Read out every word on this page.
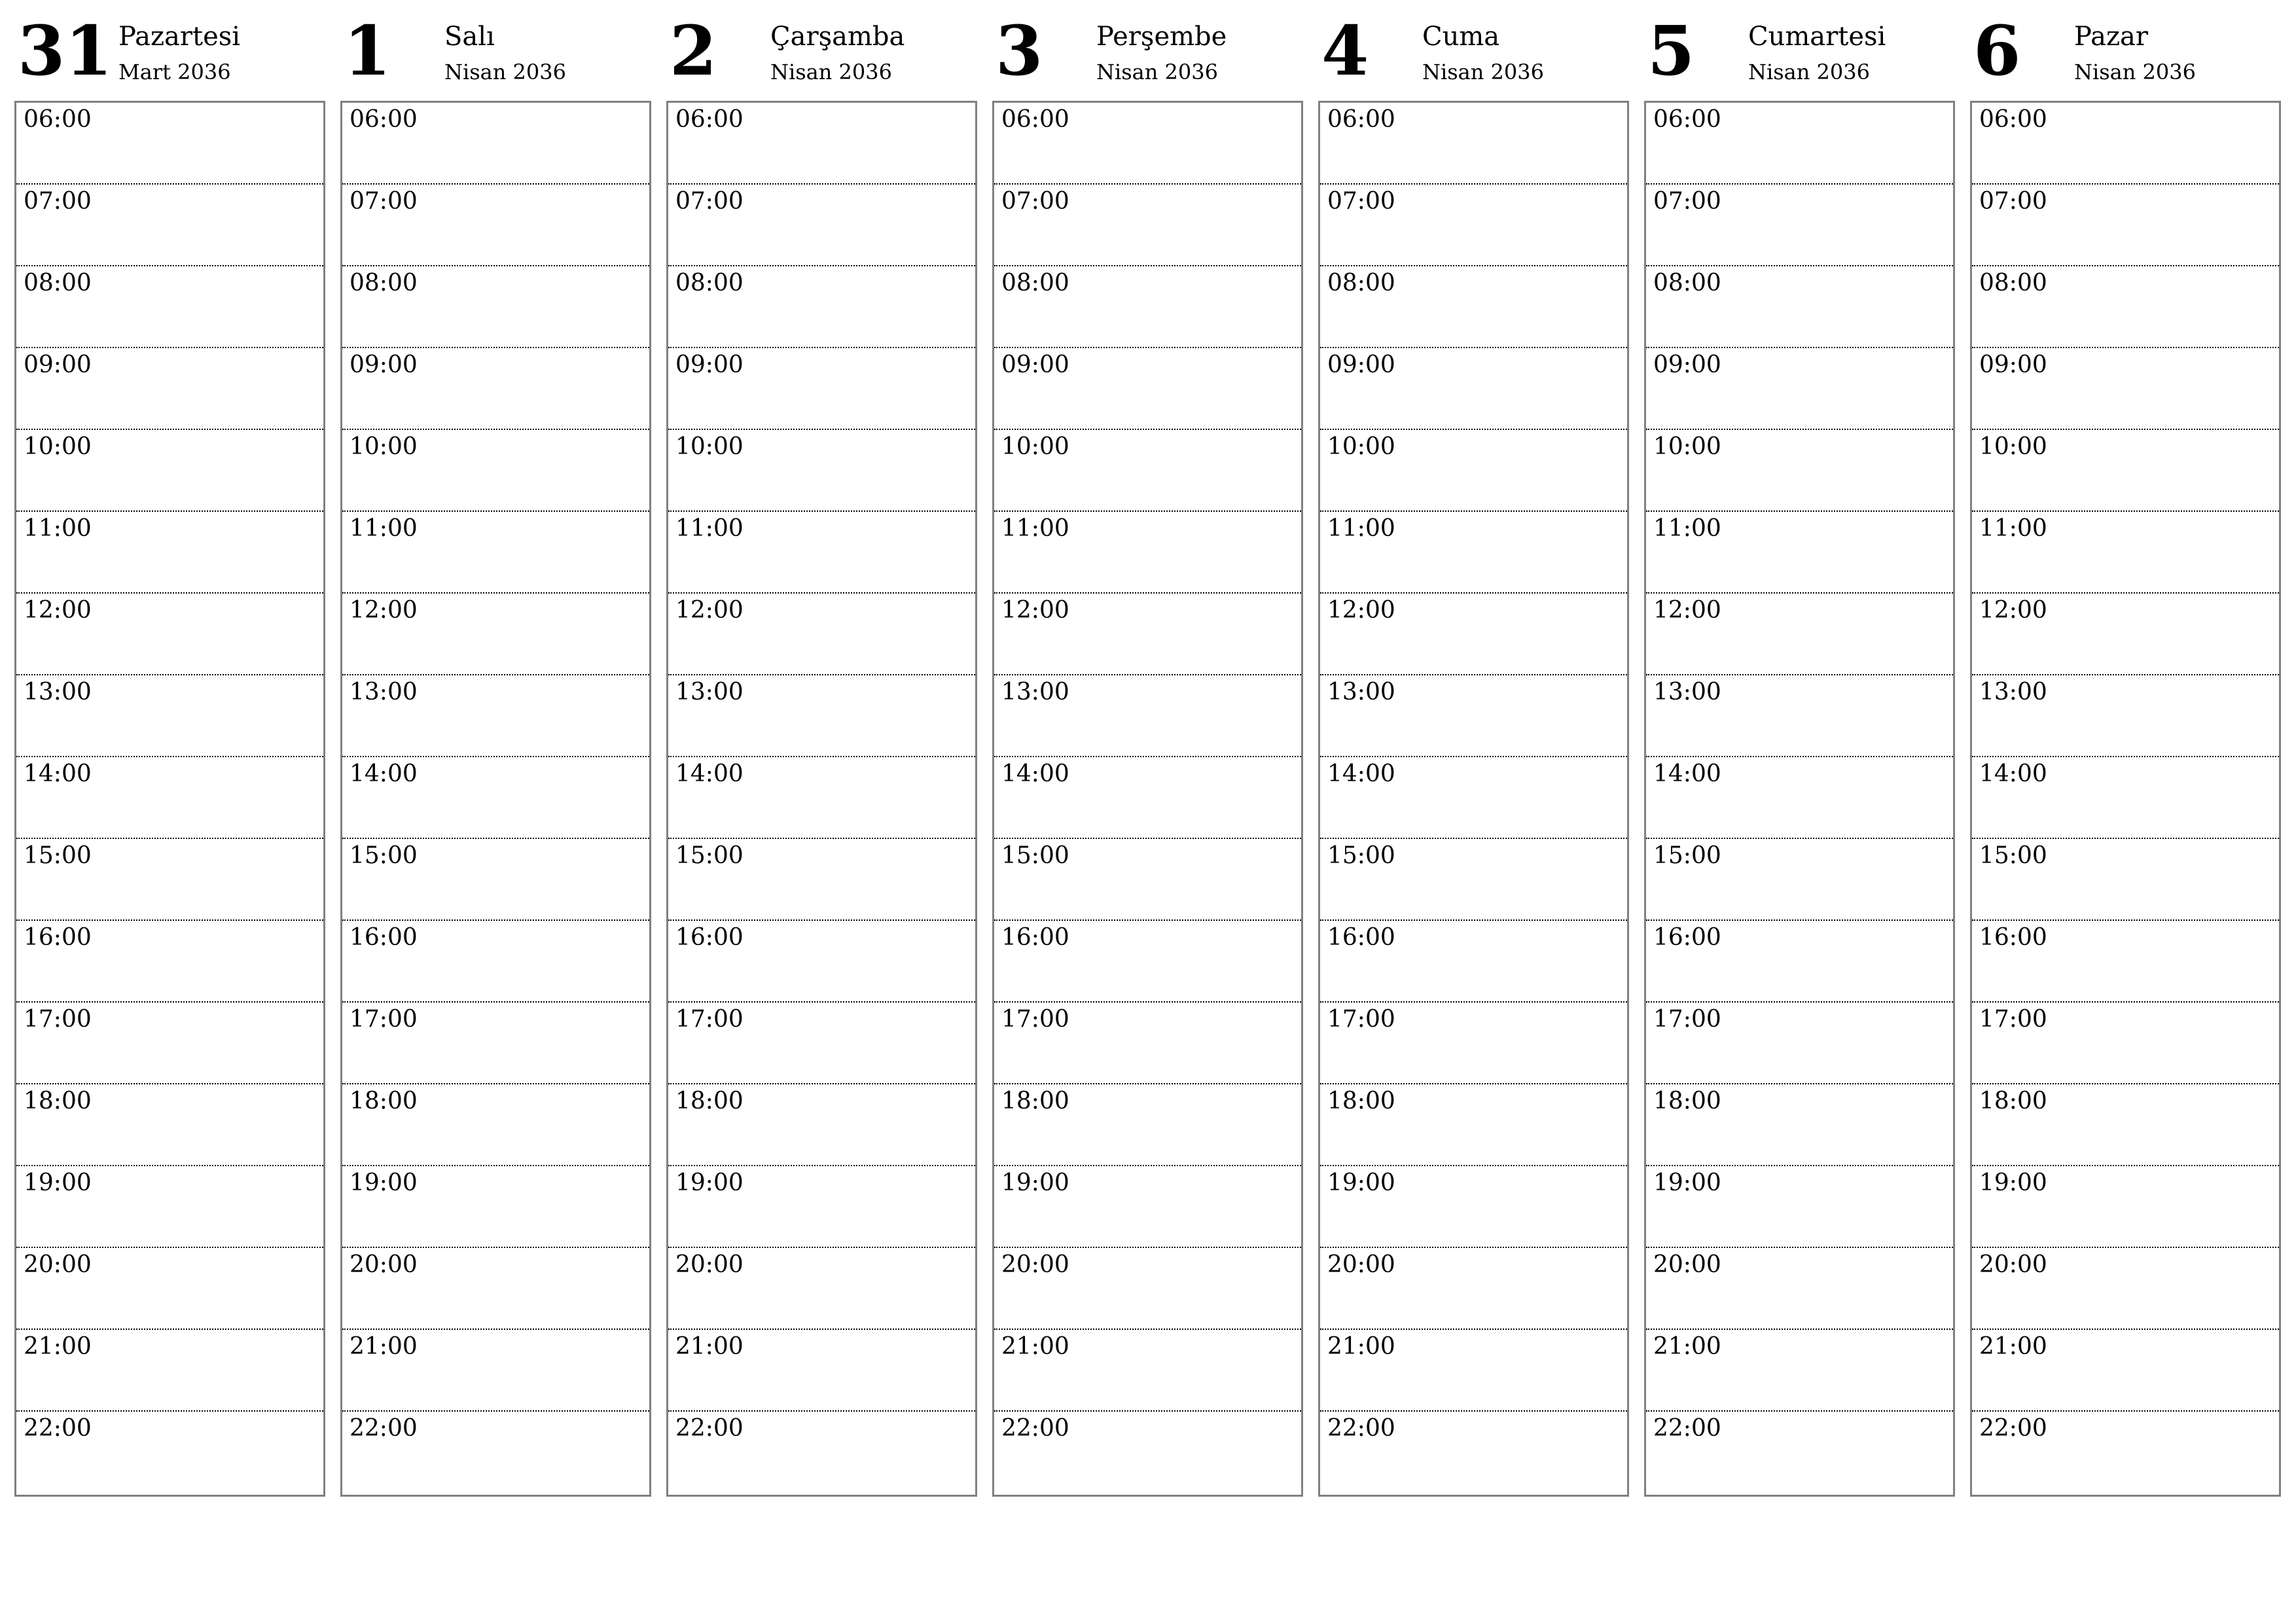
31 Pazartesi
Mart 2036
06:00
07:00
08:00
09:00
10:00
11:00
12:00
13:00
14:00
15:00
16:00
17:00
18:00
19:00
20:00
21:00
22:00
1 Salı
Nisan 2036
06:00
07:00
08:00
09:00
10:00
11:00
12:00
13:00
14:00
15:00
16:00
17:00
18:00
19:00
20:00
21:00
22:00
2 Çarşamba
Nisan 2036
06:00
07:00
08:00
09:00
10:00
11:00
12:00
13:00
14:00
15:00
16:00
17:00
18:00
19:00
20:00
21:00
22:00
3 Perşembe
Nisan 2036
06:00
07:00
08:00
09:00
10:00
11:00
12:00
13:00
14:00
15:00
16:00
17:00
18:00
19:00
20:00
21:00
22:00
4 Cuma
Nisan 2036
06:00
07:00
08:00
09:00
10:00
11:00
12:00
13:00
14:00
15:00
16:00
17:00
18:00
19:00
20:00
21:00
22:00
5 Cumartesi
Nisan 2036
06:00
07:00
08:00
09:00
10:00
11:00
12:00
13:00
14:00
15:00
16:00
17:00
18:00
19:00
20:00
21:00
22:00
6 Pazar
Nisan 2036
06:00
07:00
08:00
09:00
10:00
11:00
12:00
13:00
14:00
15:00
16:00
17:00
18:00
19:00
20:00
21:00
22:00
